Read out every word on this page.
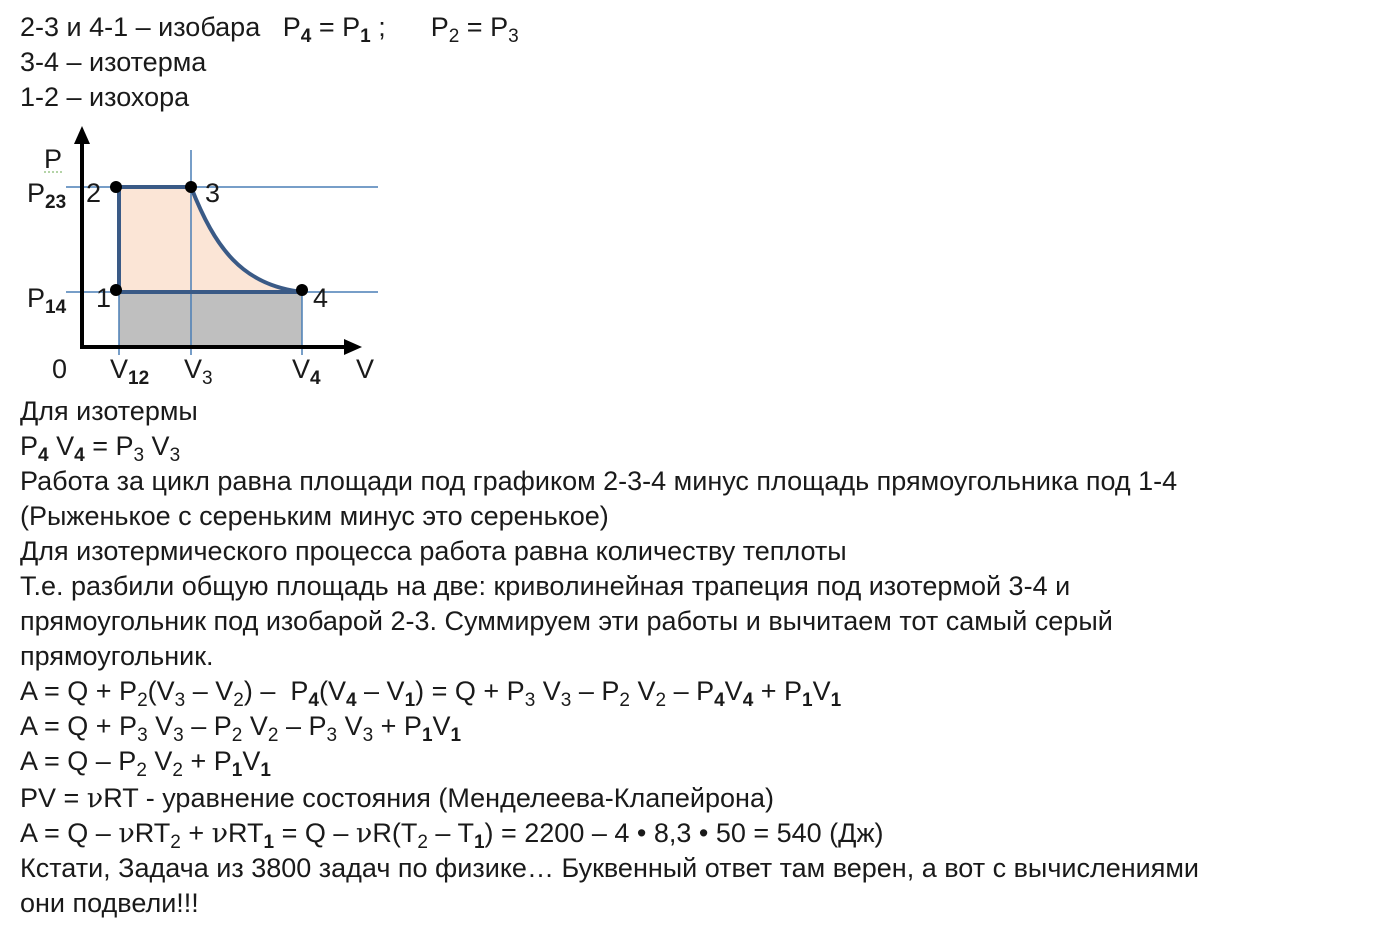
2-3 и 4-1 – изобара $P_4 = P_1$ ;      $P_2 = P_3$
3-4 – изотерма
1-2 – изохора
P
$P_{23}$ 2	3
$P_{14}$ 1	4
0 $V_{12}$ $V_3$	$V_4$ V
Для изотермы
$P_4$ $V_4 = P_3$ $V_3$
Работа за цикл равна площади под графиком 2-3-4 минус площадь прямоугольника под 1-4
(Рыженькое с сереньким минус это серенькое)
Для изотермического процесса работа равна количеству теплоты
Т.е. разбили общую площадь на две: криволинейная трапеция под изотермой 3-4 и
прямоугольник под изобарой 2-3. Суммируем эти работы и вычитаем тот самый серый
прямоугольник.
$A = Q + P_2(V_3 - V_2) - P_4(V_4 - V_1) = Q + P_3$ $V_3 - P_2$ $V_2 - P_4V_4 + P_1V_1$
$A = Q + P_3$ $V_3 - P_2$ $V_2 - P_3$ $V_3 + P_1V_1$
$A = Q - P_2$ $V_2 + P_1V_1$
PV = νRT - уравнение состояния (Менделеева-Клапейрона)
$A = Q - \nu RT_2 + \nu RT_1 = Q - \nu R(T_2 - T_1) = 2200 - 4$ • 8,3 • 50 = 540 (Дж)
Кстати, Задача из 3800 задач по физике… Буквенный ответ там верен, а вот с вычислениями
они подвели!!!
